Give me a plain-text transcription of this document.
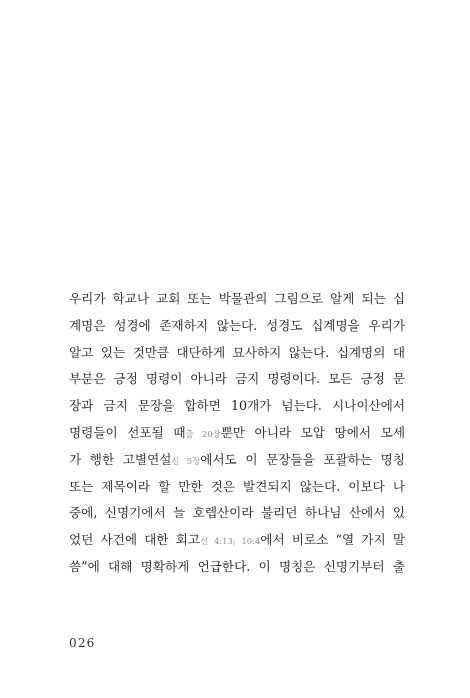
우리가 학교나 교회 또는 박물관의 그림으로 알게 되는 십
계명은 성경에 존재하지 않는다. 성경도 십계명을 우리가
알고 있는 것만큼 대단하게 묘사하지 않는다. 십계명의 대
부분은 긍정 명령이 아니라 금지 명령이다. 모든 긍정 문
장과 금지 문장을 합하면 10개가 넘는다. 시나이산에서
명령들이 선포될 때출 20장뿐만 아니라 모압 땅에서 모세
가 행한 고별연설신 5장에서도 이 문장들을 포괄하는 명칭
또는 제목이라 할 만한 것은 발견되지 않는다. 이보다 나
중에, 신명기에서 늘 호렙산이라 불리던 하나님 산에서 있
었던 사건에 대한 회고신 4:13; 10:4에서 비로소 “열 가지 말
씀”에 대해 명확하게 언급한다. 이 명칭은 신명기부터 출
026
